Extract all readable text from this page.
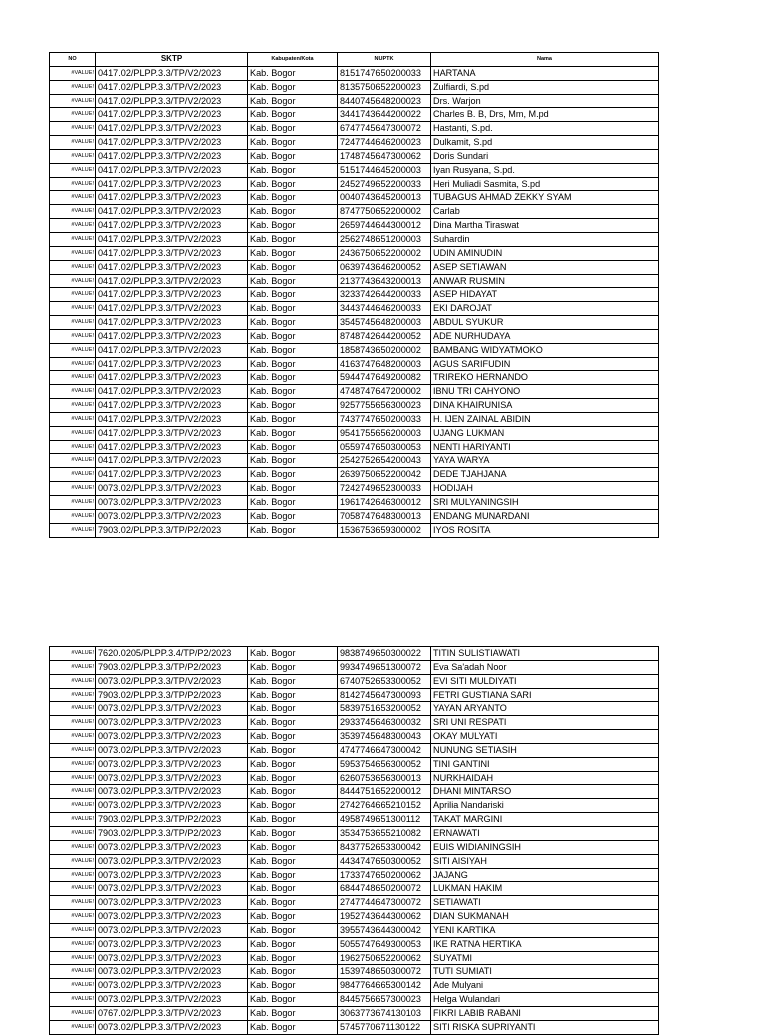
NO	SKTP	Kabupaten/Kota	NUPTK	Nama
#VALUE!	0417.02/PLPP.3.3/TP/V2/2023	Kab. Bogor	8151747650200033	HARTANA
#VALUE!	0417.02/PLPP.3.3/TP/V2/2023	Kab. Bogor	8135750652200023	Zulfiardi, S.pd
#VALUE!	0417.02/PLPP.3.3/TP/V2/2023	Kab. Bogor	8440745648200023	Drs. Warjon
#VALUE!	0417.02/PLPP.3.3/TP/V2/2023	Kab. Bogor	3441743644200022	Charles B. B, Drs, Mm, M.pd
#VALUE!	0417.02/PLPP.3.3/TP/V2/2023	Kab. Bogor	6747745647300072	Hastanti, S.pd.
#VALUE!	0417.02/PLPP.3.3/TP/V2/2023	Kab. Bogor	7247744646200023	Dulkamit, S.pd
#VALUE!	0417.02/PLPP.3.3/TP/V2/2023	Kab. Bogor	1748745647300062	Doris Sundari
#VALUE!	0417.02/PLPP.3.3/TP/V2/2023	Kab. Bogor	5151744645200003	Iyan Rusyana, S.pd.
#VALUE!	0417.02/PLPP.3.3/TP/V2/2023	Kab. Bogor	2452749652200033	Heri Muliadi Sasmita, S.pd
#VALUE!	0417.02/PLPP.3.3/TP/V2/2023	Kab. Bogor	0040743645200013	TUBAGUS AHMAD ZEKKY SYAM
#VALUE!	0417.02/PLPP.3.3/TP/V2/2023	Kab. Bogor	8747750652200002	Carlab
#VALUE!	0417.02/PLPP.3.3/TP/V2/2023	Kab. Bogor	2659744644300012	Dina Martha Tiraswat
#VALUE!	0417.02/PLPP.3.3/TP/V2/2023	Kab. Bogor	2562748651200003	Suhardin
#VALUE!	0417.02/PLPP.3.3/TP/V2/2023	Kab. Bogor	2436750652200002	UDIN AMINUDIN
#VALUE!	0417.02/PLPP.3.3/TP/V2/2023	Kab. Bogor	0639743646200052	ASEP SETIAWAN
#VALUE!	0417.02/PLPP.3.3/TP/V2/2023	Kab. Bogor	2137743643200013	ANWAR RUSMIN
#VALUE!	0417.02/PLPP.3.3/TP/V2/2023	Kab. Bogor	3233742644200033	ASEP HIDAYAT
#VALUE!	0417.02/PLPP.3.3/TP/V2/2023	Kab. Bogor	3443744646200033	EKI DAROJAT
#VALUE!	0417.02/PLPP.3.3/TP/V2/2023	Kab. Bogor	3545745648200003	ABDUL SYUKUR
#VALUE!	0417.02/PLPP.3.3/TP/V2/2023	Kab. Bogor	8748742644200052	ADE NURHUDAYA
#VALUE!	0417.02/PLPP.3.3/TP/V2/2023	Kab. Bogor	1858743650200002	BAMBANG WIDYATMOKO
#VALUE!	0417.02/PLPP.3.3/TP/V2/2023	Kab. Bogor	4163747648200003	AGUS SARIFUDIN
#VALUE!	0417.02/PLPP.3.3/TP/V2/2023	Kab. Bogor	5944747649200082	TRIREKO HERNANDO
#VALUE!	0417.02/PLPP.3.3/TP/V2/2023	Kab. Bogor	4748747647200002	IBNU TRI CAHYONO
#VALUE!	0417.02/PLPP.3.3/TP/V2/2023	Kab. Bogor	9257755656300023	DINA KHAIRUNISA
#VALUE!	0417.02/PLPP.3.3/TP/V2/2023	Kab. Bogor	7437747650200033	H. IJEN ZAINAL ABIDIN
#VALUE!	0417.02/PLPP.3.3/TP/V2/2023	Kab. Bogor	9541755656200003	UJANG LUKMAN
#VALUE!	0417.02/PLPP.3.3/TP/V2/2023	Kab. Bogor	0559747650300053	NENTI HARIYANTI
#VALUE!	0417.02/PLPP.3.3/TP/V2/2023	Kab. Bogor	2542752654200043	YAYA WARYA
#VALUE!	0417.02/PLPP.3.3/TP/V2/2023	Kab. Bogor	2639750652200042	DEDE TJAHJANA
#VALUE!	0073.02/PLPP.3.3/TP/V2/2023	Kab. Bogor	7242749652300033	HODIJAH
#VALUE!	0073.02/PLPP.3.3/TP/V2/2023	Kab. Bogor	1961742646300012	SRI MULYANINGSIH
#VALUE!	0073.02/PLPP.3.3/TP/V2/2023	Kab. Bogor	7058747648300013	ENDANG MUNARDANI
#VALUE!	7903.02/PLPP.3.3/TP/P2/2023	Kab. Bogor	1536753659300002	IYOS ROSITA
#VALUE!	7620.0205/PLPP.3.4/TP/P2/2023	Kab. Bogor	9838749650300022	TITIN SULISTIAWATI
#VALUE!	7903.02/PLPP.3.3/TP/P2/2023	Kab. Bogor	9934749651300072	Eva Sa'adah Noor
#VALUE!	0073.02/PLPP.3.3/TP/V2/2023	Kab. Bogor	6740752653300052	EVI SITI MULDIYATI
#VALUE!	7903.02/PLPP.3.3/TP/P2/2023	Kab. Bogor	8142745647300093	FETRI GUSTIANA SARI
#VALUE!	0073.02/PLPP.3.3/TP/V2/2023	Kab. Bogor	5839751653200052	YAYAN ARYANTO
#VALUE!	0073.02/PLPP.3.3/TP/V2/2023	Kab. Bogor	2933745646300032	SRI UNI RESPATI
#VALUE!	0073.02/PLPP.3.3/TP/V2/2023	Kab. Bogor	3539745648300043	OKAY MULYATI
#VALUE!	0073.02/PLPP.3.3/TP/V2/2023	Kab. Bogor	4747746647300042	NUNUNG SETIASIH
#VALUE!	0073.02/PLPP.3.3/TP/V2/2023	Kab. Bogor	5953754656300052	TINI GANTINI
#VALUE!	0073.02/PLPP.3.3/TP/V2/2023	Kab. Bogor	6260753656300013	NURKHAIDAH
#VALUE!	0073.02/PLPP.3.3/TP/V2/2023	Kab. Bogor	8444751652200012	DHANI MINTARSO
#VALUE!	0073.02/PLPP.3.3/TP/V2/2023	Kab. Bogor	2742764665210152	Aprilia Nandariski
#VALUE!	7903.02/PLPP.3.3/TP/P2/2023	Kab. Bogor	4958749651300112	TAKAT MARGINI
#VALUE!	7903.02/PLPP.3.3/TP/P2/2023	Kab. Bogor	3534753655210082	ERNAWATI
#VALUE!	0073.02/PLPP.3.3/TP/V2/2023	Kab. Bogor	8437752653300042	EUIS WIDIANINGSIH
#VALUE!	0073.02/PLPP.3.3/TP/V2/2023	Kab. Bogor	4434747650300052	SITI AISIYAH
#VALUE!	0073.02/PLPP.3.3/TP/V2/2023	Kab. Bogor	1733747650200062	JAJANG
#VALUE!	0073.02/PLPP.3.3/TP/V2/2023	Kab. Bogor	6844748650200072	LUKMAN HAKIM
#VALUE!	0073.02/PLPP.3.3/TP/V2/2023	Kab. Bogor	2747744647300072	SETIAWATI
#VALUE!	0073.02/PLPP.3.3/TP/V2/2023	Kab. Bogor	1952743644300062	DIAN SUKMANAH
#VALUE!	0073.02/PLPP.3.3/TP/V2/2023	Kab. Bogor	3955743644300042	YENI KARTIKA
#VALUE!	0073.02/PLPP.3.3/TP/V2/2023	Kab. Bogor	5055747649300053	IKE RATNA HERTIKA
#VALUE!	0073.02/PLPP.3.3/TP/V2/2023	Kab. Bogor	1962750652200062	SUYATMI
#VALUE!	0073.02/PLPP.3.3/TP/V2/2023	Kab. Bogor	1539748650300072	TUTI SUMIATI
#VALUE!	0073.02/PLPP.3.3/TP/V2/2023	Kab. Bogor	9847764665300142	Ade Mulyani
#VALUE!	0073.02/PLPP.3.3/TP/V2/2023	Kab. Bogor	8445756657300023	Helga Wulandari
#VALUE!	0767.02/PLPP.3.3/TP/V2/2023	Kab. Bogor	3063773674130103	FIKRI LABIB RABANI
#VALUE!	0073.02/PLPP.3.3/TP/V2/2023	Kab. Bogor	5745770671130122	SITI RISKA SUPRIYANTI
